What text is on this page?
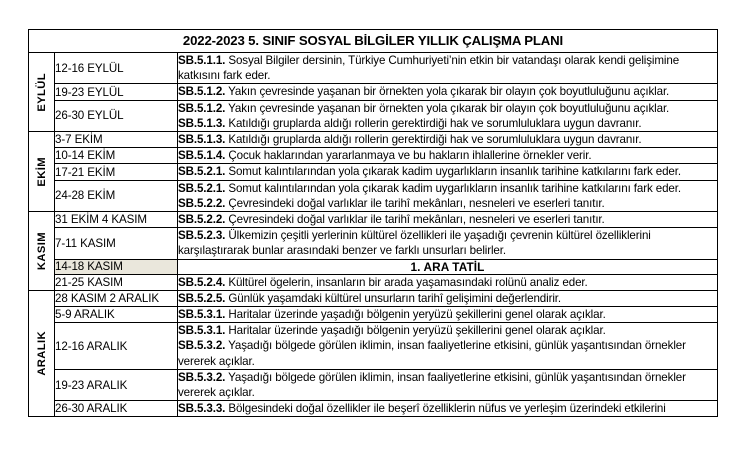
2022-2023 5. SINIF SOSYAL BİLGİLER YILLIK ÇALIŞMA PLANI		

EYLÜL	12-16 EYLÜL	SB.5.1.1. Sosyal Bilgiler dersinin, Türkiye Cumhuriyeti’nin etkin bir vatandaşı olarak kendi gelişimine katkısını fark eder.

	19-23 EYLÜL	SB.5.1.2. Yakın çevresinde yaşanan bir örnekten yola çıkarak bir olayın çok boyutluluğunu açıklar.

	26-30 EYLÜL	SB.5.1.2. Yakın çevresinde yaşanan bir örnekten yola çıkarak bir olayın çok boyutluluğunu açıklar.
SB.5.1.3. Katıldığı gruplarda aldığı rollerin gerektirdiği hak ve sorumluluklara uygun davranır.

EKİM	3-7 EKİM	SB.5.1.3. Katıldığı gruplarda aldığı rollerin gerektirdiği hak ve sorumluluklara uygun davranır.

	10-14 EKİM	SB.5.1.4. Çocuk haklarından yararlanmaya ve bu hakların ihlallerine örnekler verir.

	17-21 EKİM	SB.5.2.1. Somut kalıntılarından yola çıkarak kadim uygarlıkların insanlık tarihine katkılarını fark eder.

	24-28 EKİM	SB.5.2.1. Somut kalıntılarından yola çıkarak kadim uygarlıkların insanlık tarihine katkılarını fark eder.
SB.5.2.2. Çevresindeki doğal varlıklar ile tarihî mekânları, nesneleri ve eserleri tanıtır.

KASIM	31 EKİM 4 KASIM	SB.5.2.2. Çevresindeki doğal varlıklar ile tarihî mekânları, nesneleri ve eserleri tanıtır.

	7-11 KASIM	SB.5.2.3. Ülkemizin çeşitli yerlerinin kültürel özellikleri ile yaşadığı çevrenin kültürel özelliklerini karşılaştırarak bunlar arasındaki benzer ve farklı unsurları belirler.

	14-18 KASIM	1. ARA TATİL
	21-25 KASIM	SB.5.2.4. Kültürel ögelerin, insanların bir arada yaşamasındaki rolünü analiz eder.

ARALIK	28 KASIM 2 ARALIK	SB.5.2.5. Günlük yaşamdaki kültürel unsurların tarihî gelişimini değerlendirir.

	5-9 ARALIK	SB.5.3.1. Haritalar üzerinde yaşadığı bölgenin yeryüzü şekillerini genel olarak açıklar.

	12-16 ARALIK	SB.5.3.1. Haritalar üzerinde yaşadığı bölgenin yeryüzü şekillerini genel olarak açıklar.
SB.5.3.2. Yaşadığı bölgede görülen iklimin, insan faaliyetlerine etkisini, günlük yaşantısından örnekler vererek açıklar.

	19-23 ARALIK	SB.5.3.2. Yaşadığı bölgede görülen iklimin, insan faaliyetlerine etkisini, günlük yaşantısından örnekler vererek açıklar.

	26-30 ARALIK	SB.5.3.3. Bölgesindeki doğal özellikler ile beşerî özelliklerin nüfus ve yerleşim üzerindeki etkilerini
